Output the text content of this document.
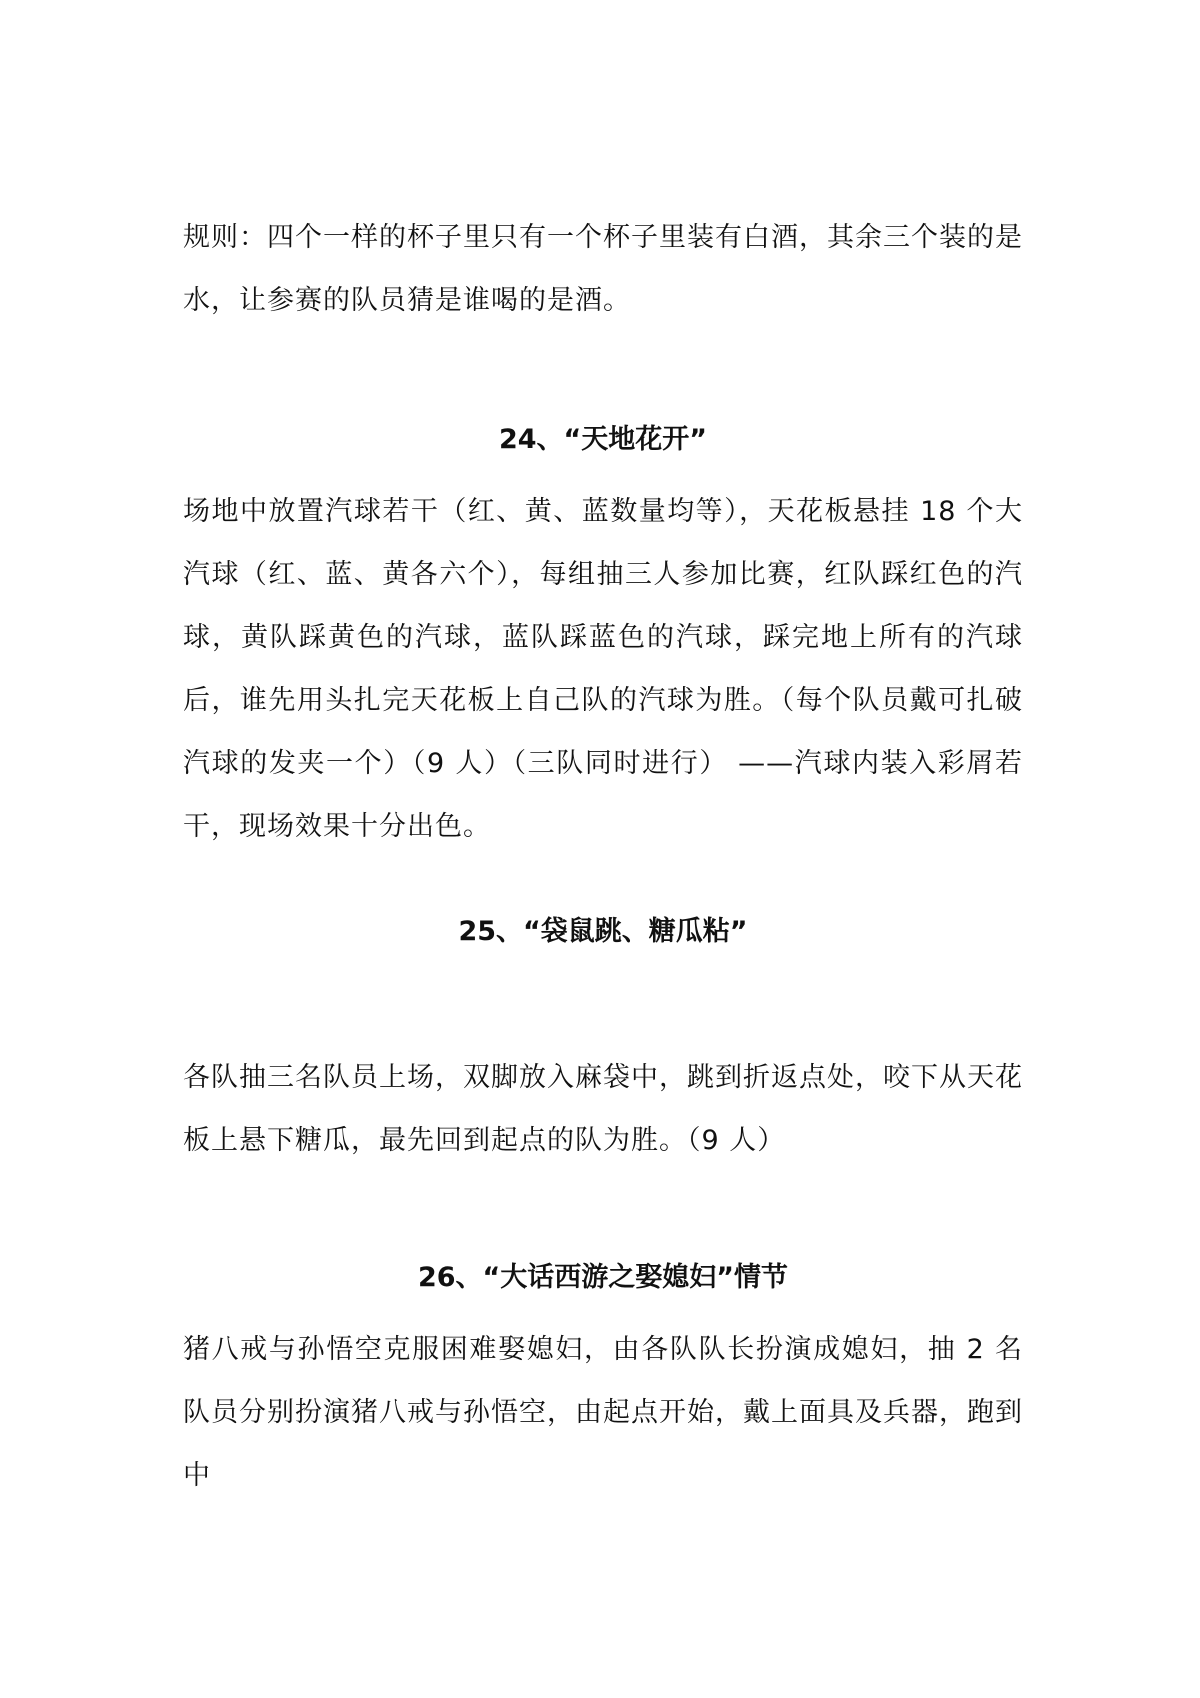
规则：四个一样的杯子里只有一个杯子里装有白酒，其余三个装的是水，让参赛的队员猜是谁喝的是酒。

24、“天地花开”

场地中放置汽球若干（红、黄、蓝数量均等），天花板悬挂 18 个大汽球（红、蓝、黄各六个），每组抽三人参加比赛，红队踩红色的汽球，黄队踩黄色的汽球，蓝队踩蓝色的汽球，踩完地上所有的汽球后，谁先用头扎完天花板上自己队的汽球为胜。（每个队员戴可扎破汽球的发夹一个）（9 人）（三队同时进行） ——汽球内装入彩屑若干，现场效果十分出色。

25、“袋鼠跳、糖瓜粘”

各队抽三名队员上场，双脚放入麻袋中，跳到折返点处，咬下从天花板上悬下糖瓜，最先回到起点的队为胜。（9 人）

26、“大话西游之娶媳妇”情节

猪八戒与孙悟空克服困难娶媳妇，由各队队长扮演成媳妇，抽 2 名队员分别扮演猪八戒与孙悟空，由起点开始，戴上面具及兵器，跑到中
